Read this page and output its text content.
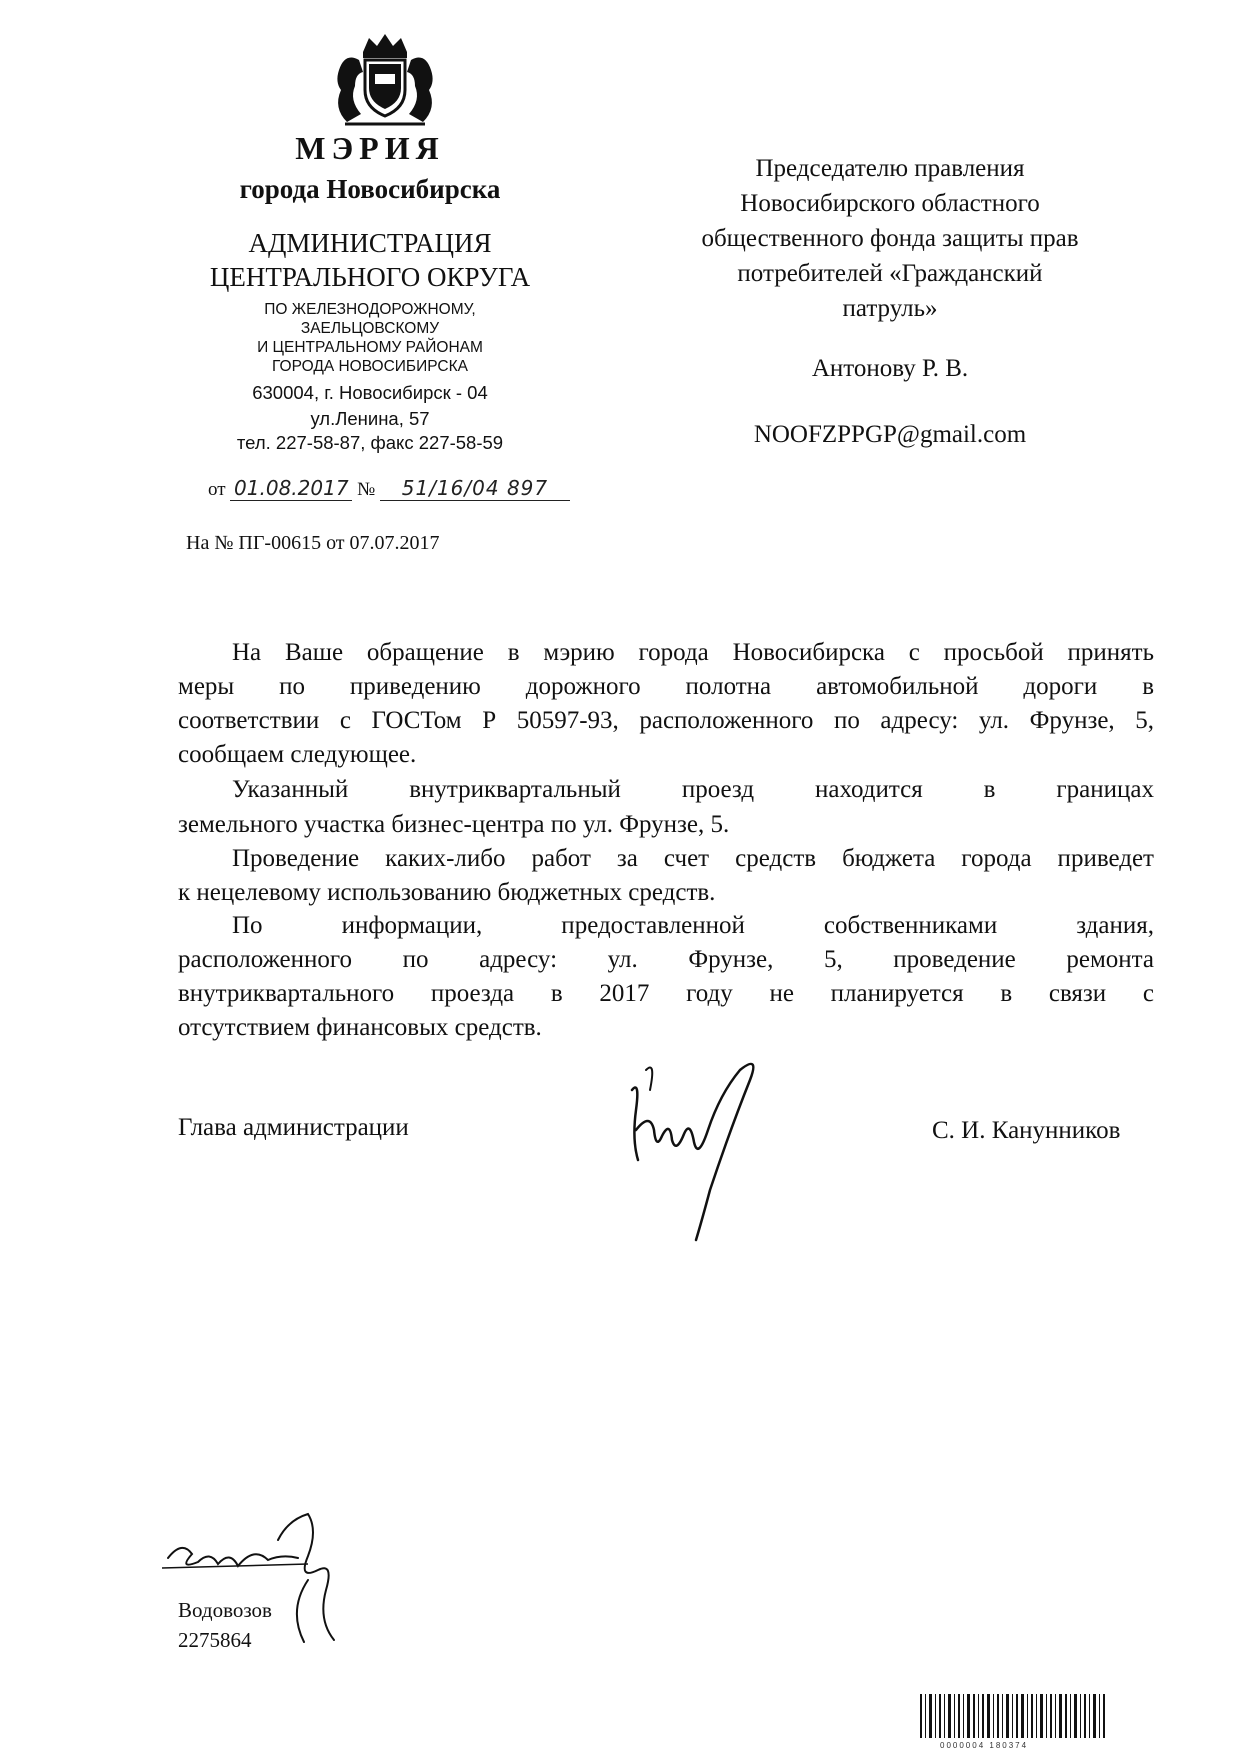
МЭРИЯ
города Новосибирска
АДМИНИСТРАЦИЯ
ЦЕНТРАЛЬНОГО ОКРУГА
ПО ЖЕЛЕЗНОДОРОЖНОМУ,
ЗАЕЛЬЦОВСКОМУ
И ЦЕНТРАЛЬНОМУ РАЙОНАМ
ГОРОДА НОВОСИБИРСКА
630004, г. Новосибирск - 04
ул.Ленина, 57
тел. 227-58-87, факс 227-58-59
от 01.08.2017 № 51/16/04 897
На № ПГ-00615 от 07.07.2017
Председателю правления
Новосибирского областного
общественного фонда защиты прав
потребителей «Гражданский
патруль»
Антонову Р. В.
NOOFZPPGP@gmail.com
На Ваше обращение в мэрию города Новосибирска с просьбой принять
меры по приведению дорожного полотна автомобильной дороги в
соответствии с ГОСТом Р 50597-93, расположенного по адресу: ул. Фрунзе, 5,
сообщаем следующее.
Указанный внутриквартальный проезд находится в границах
земельного участка бизнес-центра по ул. Фрунзе, 5.
Проведение каких-либо работ за счет средств бюджета города приведет
к нецелевому использованию бюджетных средств.
По информации, предоставленной собственниками здания,
расположенного по адресу: ул. Фрунзе, 5, проведение ремонта
внутриквартального проезда в 2017 году не планируется в связи с
отсутствием финансовых средств.
Глава администрации	С. И. Канунников
Водовозов
2275864
0000004 180374
